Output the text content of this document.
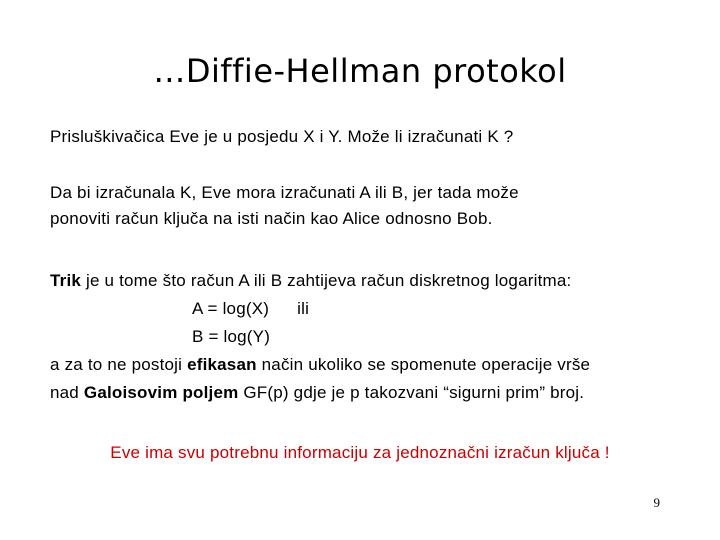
…Diffie-Hellman protokol
Prisluškivačica Eve je u posjedu X i Y. Može li izračunati K ?
Da bi izračunala K, Eve mora izračunati A ili B, jer tada može
ponoviti račun ključa na isti način kao Alice odnosno Bob.
Trik je u tome što račun A ili B zahtijeva račun diskretnog logaritma:
A = log(X) ili
B = log(Y)
a za to ne postoji efikasan način ukoliko se spomenute operacije vrše
nad Galoisovim poljem GF(p) gdje je p takozvani “sigurni prim” broj.
Eve ima svu potrebnu informaciju za jednoznačni izračun ključa !
9
